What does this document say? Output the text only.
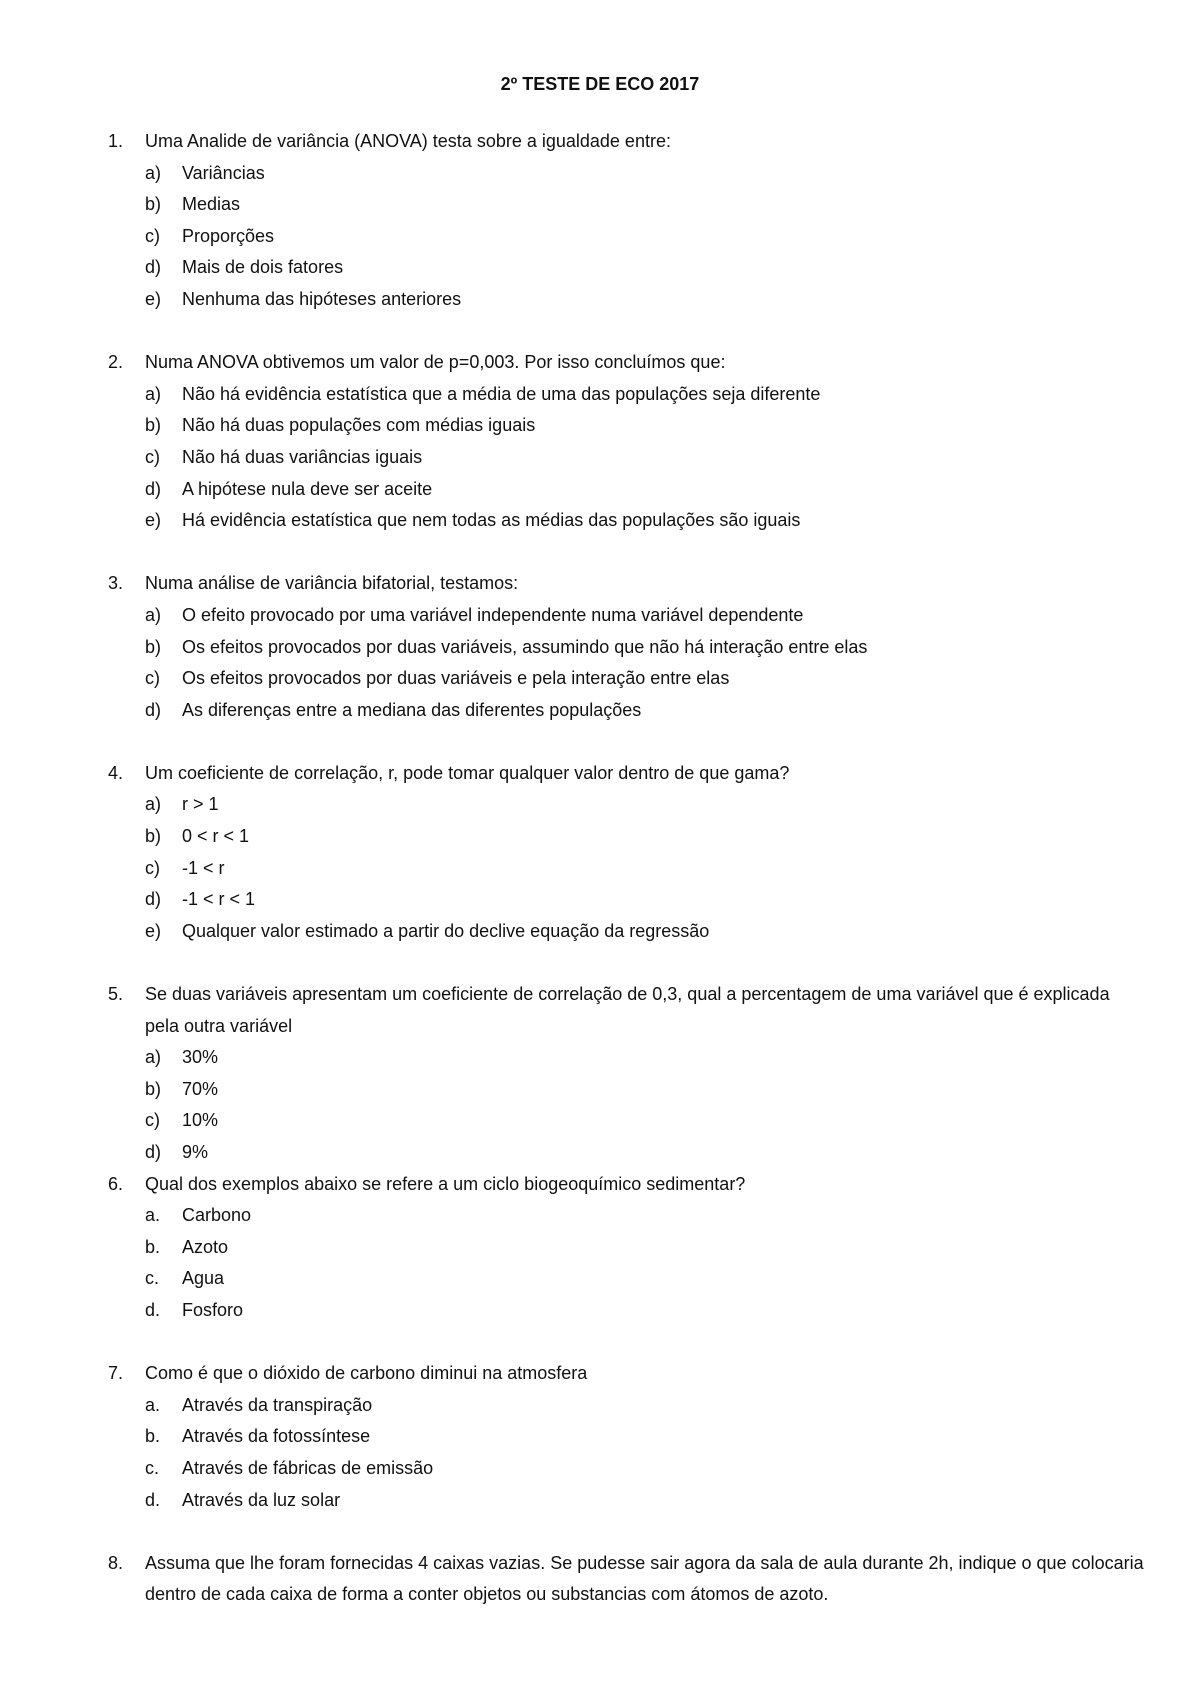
2º TESTE DE ECO 2017
1. Uma Analide de variância (ANOVA) testa sobre a igualdade entre:
a) Variâncias
b) Medias
c) Proporções
d) Mais de dois fatores
e) Nenhuma das hipóteses anteriores
2. Numa ANOVA obtivemos um valor de p=0,003. Por isso concluímos que:
a) Não há evidência estatística que a média de uma das populações seja diferente
b) Não há duas populações com médias iguais
c) Não há duas variâncias iguais
d) A hipótese nula deve ser aceite
e) Há evidência estatística que nem todas as médias das populações são iguais
3. Numa análise de variância bifatorial, testamos:
a) O efeito provocado por uma variável independente numa variável dependente
b) Os efeitos provocados por duas variáveis, assumindo que não há interação entre elas
c) Os efeitos provocados por duas variáveis e pela interação entre elas
d) As diferenças entre a mediana das diferentes populações
4. Um coeficiente de correlação, r, pode tomar qualquer valor dentro de que gama?
a) r > 1
b) 0 < r < 1
c) -1 < r
d) -1 < r < 1
e) Qualquer valor estimado a partir do declive equação da regressão
5. Se duas variáveis apresentam um coeficiente de correlação de 0,3, qual a percentagem de uma variável que é explicada pela outra variável
a) 30%
b) 70%
c) 10%
d) 9%
6. Qual dos exemplos abaixo se refere a um ciclo biogeoquímico sedimentar?
a. Carbono
b. Azoto
c. Agua
d. Fosforo
7. Como é que o dióxido de carbono diminui na atmosfera
a. Através da transpiração
b. Através da fotossíntese
c. Através de fábricas de emissão
d. Através da luz solar
8. Assuma que lhe foram fornecidas 4 caixas vazias. Se pudesse sair agora da sala de aula durante 2h, indique o que colocaria dentro de cada caixa de forma a conter objetos ou substancias com átomos de azoto.
